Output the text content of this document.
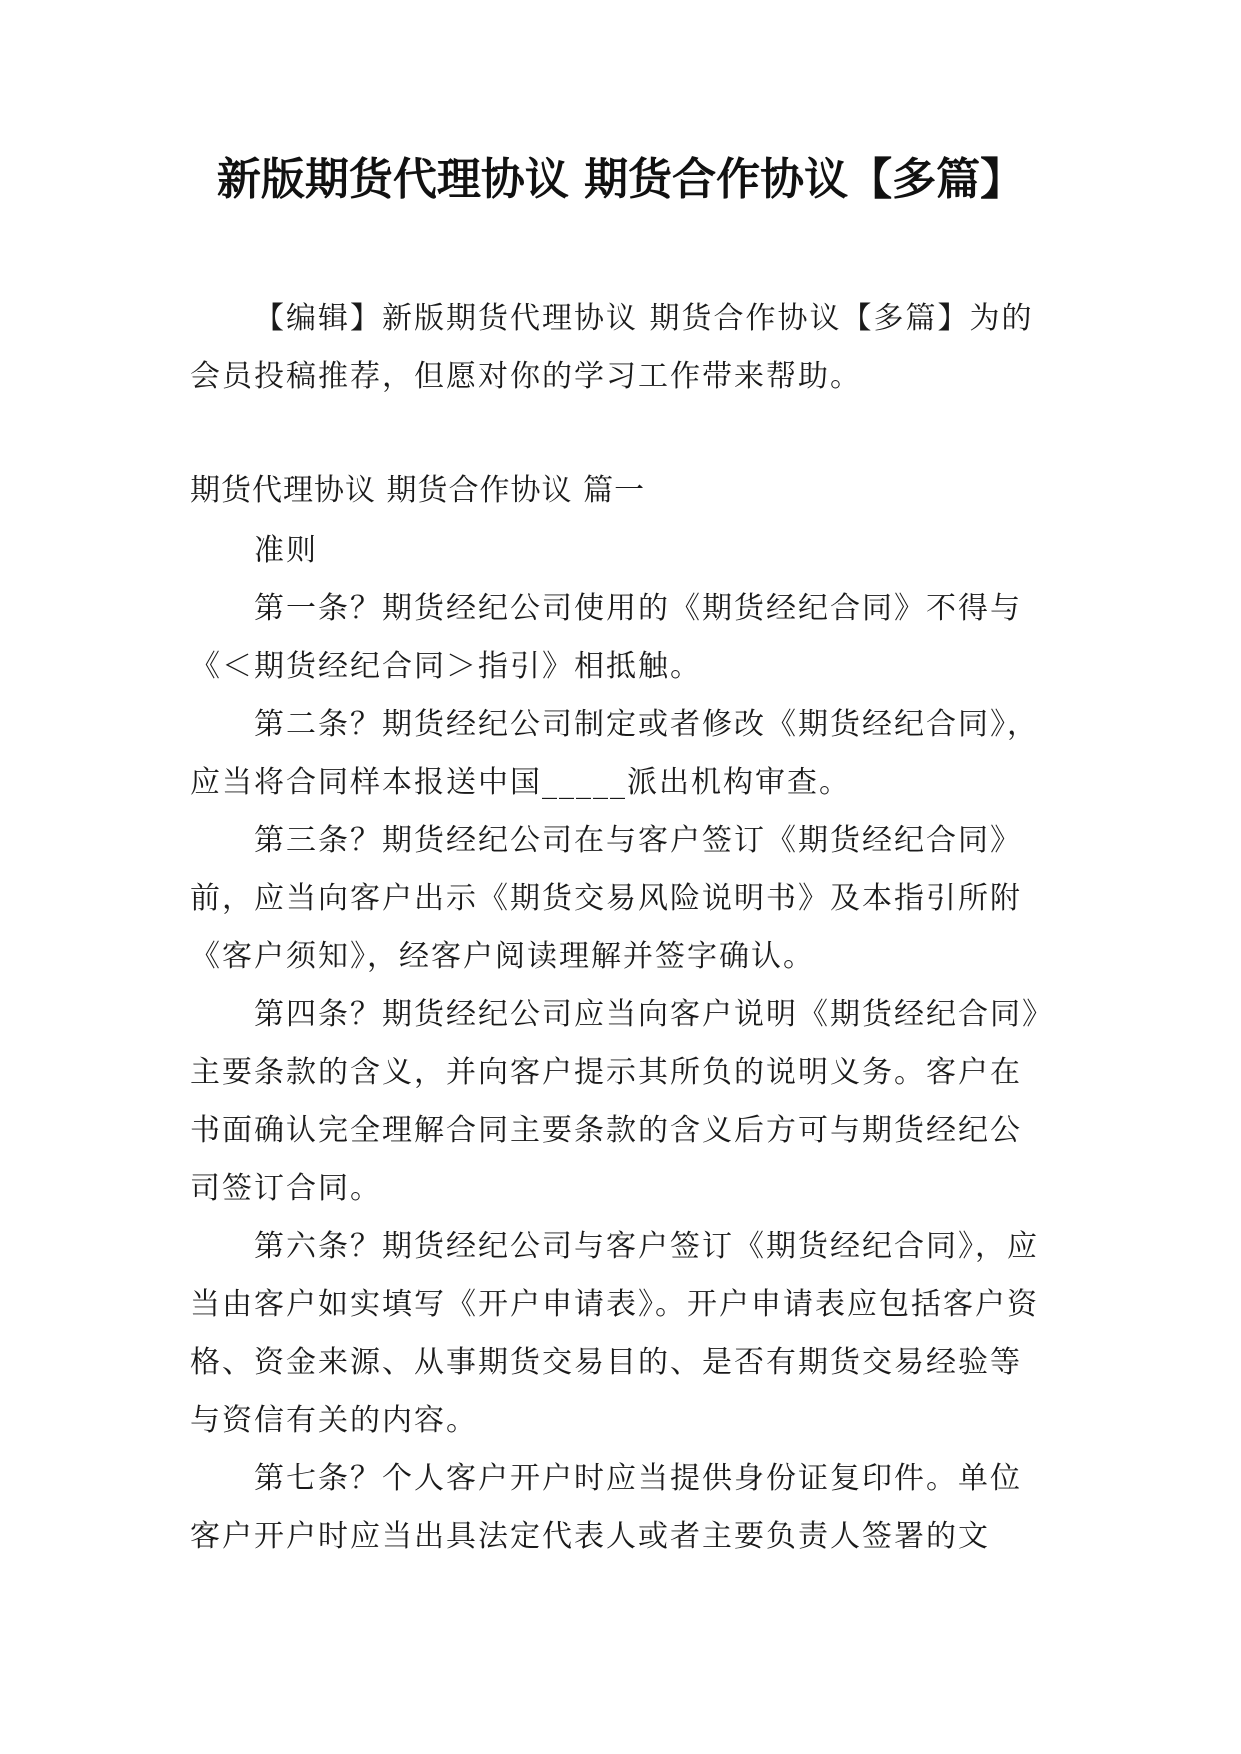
新版期货代理协议 期货合作协议【多篇】
【编辑】新版期货代理协议 期货合作协议【多篇】为的会员投稿推荐，但愿对你的学习工作带来帮助。
期货代理协议 期货合作协议 篇一

准则

第一条？期货经纪公司使用的《期货经纪合同》不得与《＜期货经纪合同＞指引》相抵触。

第二条？期货经纪公司制定或者修改《期货经纪合同》，应当将合同样本报送中国_____派出机构审查。

第三条？期货经纪公司在与客户签订《期货经纪合同》前，应当向客户出示《期货交易风险说明书》及本指引所附《客户须知》，经客户阅读理解并签字确认。

第四条？期货经纪公司应当向客户说明《期货经纪合同》主要条款的含义，并向客户提示其所负的说明义务。客户在书面确认完全理解合同主要条款的含义后方可与期货经纪公司签订合同。

第六条？期货经纪公司与客户签订《期货经纪合同》，应当由客户如实填写《开户申请表》。开户申请表应包括客户资格、资金来源、从事期货交易目的、是否有期货交易经验等与资信有关的内容。

第七条？个人客户开户时应当提供身份证复印件。单位客户开户时应当出具法定代表人或者主要负责人签署的文
